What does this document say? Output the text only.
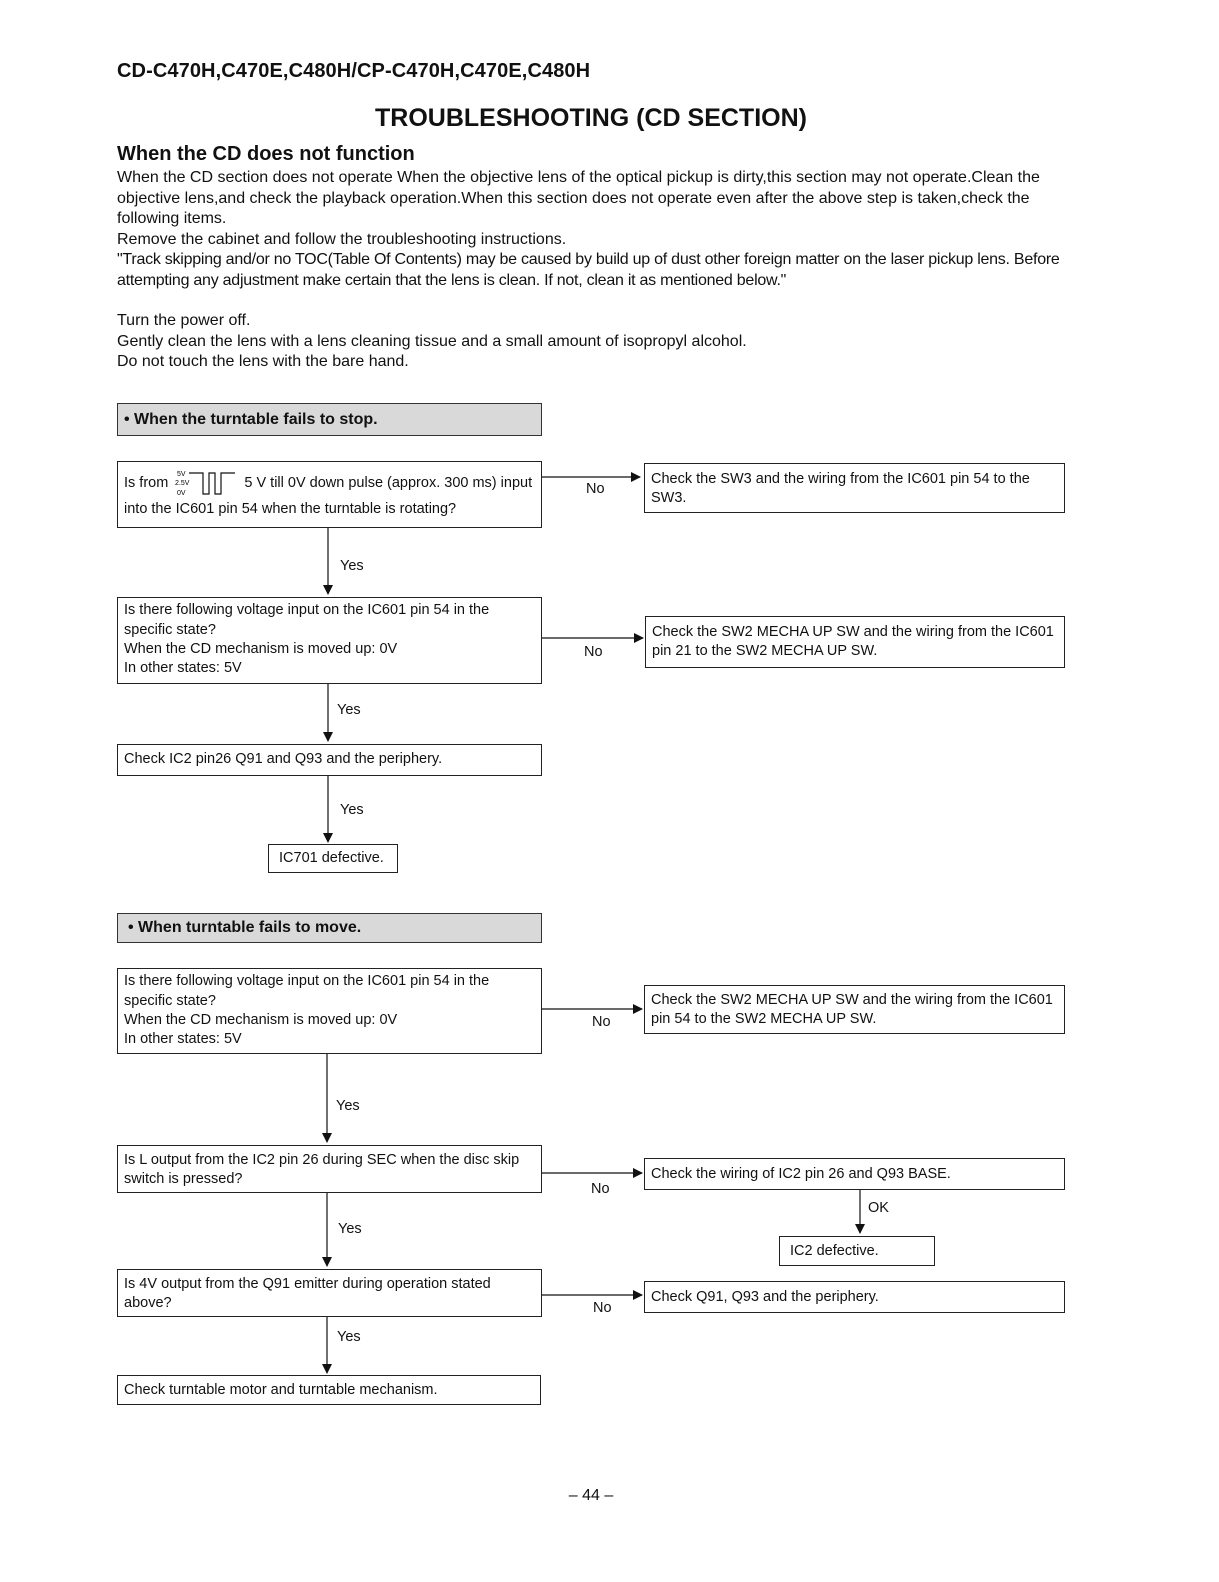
CD-C470H,C470E,C480H/CP-C470H,C470E,C480H
TROUBLESHOOTING (CD SECTION)
When the CD does not function

When the CD section does not operate When the objective lens of the optical pickup is dirty,this section may not operate.Clean the objective lens,and check the playback operation.When this section does not operate even after the above step is taken,check the following items.

Remove the cabinet and follow the troubleshooting instructions.

"Track skipping and/or no TOC(Table Of Contents) may be caused by build up of dust other foreign matter on the laser pickup lens. Before attempting any adjustment make certain that the lens is clean. If not, clean it as mentioned below."

Turn the power off.

Gently clean the lens with a lens cleaning tissue and a small amount of isopropyl alcohol.

Do not touch the lens with the bare hand.

• When the turntable fails to stop.

Is from
5V
2.5V
0V
5 V till 0V down pulse (approx. 300 ms) input

into the IC601 pin 54 when the turntable is rotating?

Check the SW3 and the wiring from the IC601 pin 54 to the SW3.
No
Yes

Is there following voltage input on the IC601 pin 54 in the specific state?

When the CD mechanism is moved up: 0V

In other states: 5V

Check the SW2 MECHA UP SW and the wiring from the IC601 pin 21 to the SW2 MECHA UP SW.
No
Yes
Check IC2 pin26 Q91 and Q93 and the periphery.
Yes
IC701 defective.
• When turntable fails to move.

Is there following voltage input on the IC601 pin 54 in the specific state?

When the CD mechanism is moved up: 0V

In other states: 5V

Check the SW2 MECHA UP SW and the wiring from the IC601 pin 54 to the SW2 MECHA UP SW.
No
Yes
Is L output from the IC2 pin 26 during SEC when the disc skip switch is pressed?	Check the wiring of IC2 pin 26 and Q93 BASE.
No
OK
Yes
IC2 defective.
Is 4V output from the Q91 emitter during operation stated above?	Check Q91, Q93 and the periphery.
No
Yes
Check turntable motor and turntable mechanism.
– 44 –
